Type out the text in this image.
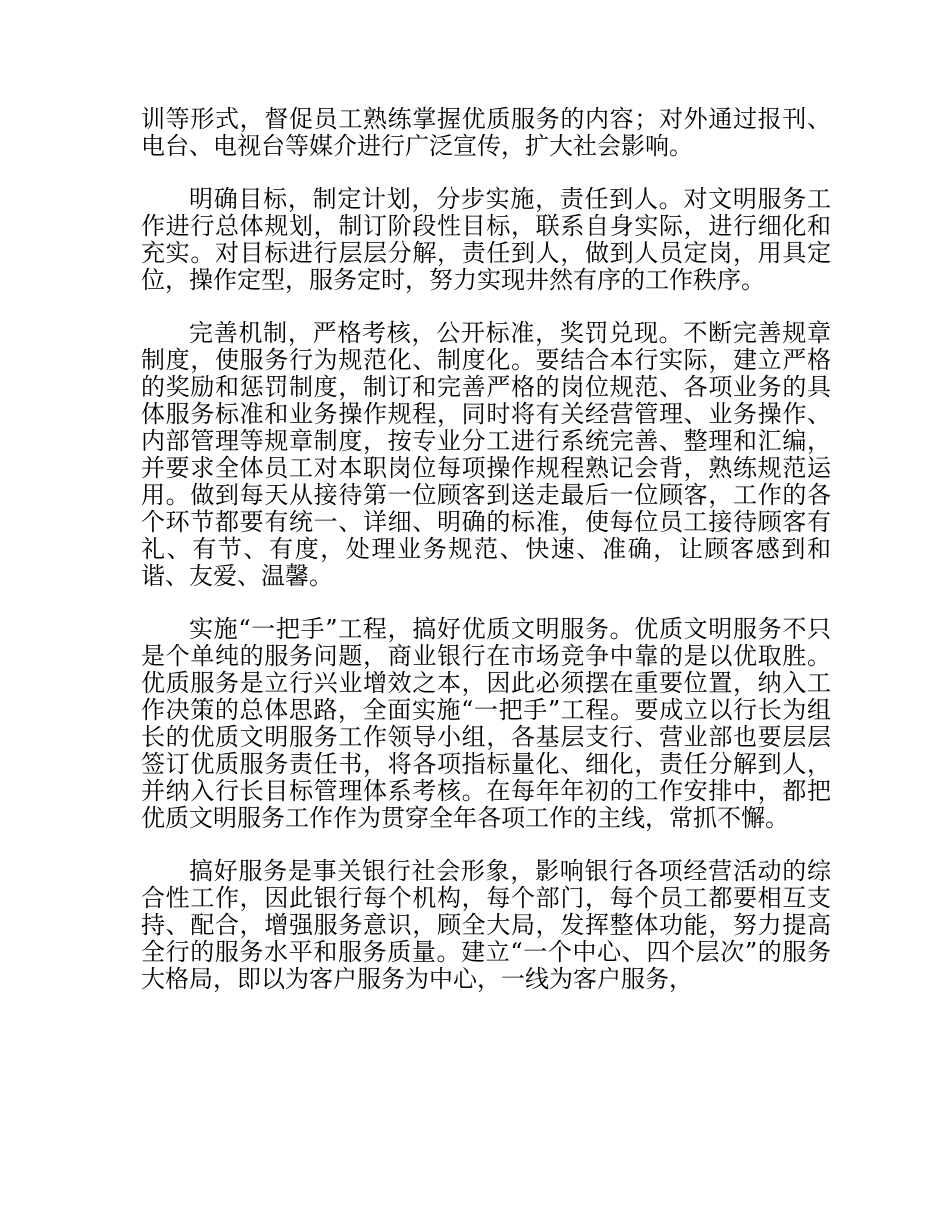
训等形式，督促员工熟练掌握优质服务的内容；对外通过报刊、电台、电视台等媒介进行广泛宣传，扩大社会影响。

明确目标，制定计划，分步实施，责任到人。对文明服务工作进行总体规划，制订阶段性目标，联系自身实际，进行细化和充实。对目标进行层层分解，责任到人，做到人员定岗，用具定位，操作定型，服务定时，努力实现井然有序的工作秩序。

完善机制，严格考核，公开标准，奖罚兑现。不断完善规章制度，使服务行为规范化、制度化。要结合本行实际，建立严格的奖励和惩罚制度，制订和完善严格的岗位规范、各项业务的具体服务标准和业务操作规程，同时将有关经营管理、业务操作、内部管理等规章制度，按专业分工进行系统完善、整理和汇编，并要求全体员工对本职岗位每项操作规程熟记会背，熟练规范运用。做到每天从接待第一位顾客到送走最后一位顾客，工作的各个环节都要有统一、详细、明确的标准，使每位员工接待顾客有礼、有节、有度，处理业务规范、快速、准确，让顾客感到和谐、友爱、温馨。

实施“一把手”工程，搞好优质文明服务。优质文明服务不只是个单纯的服务问题，商业银行在市场竞争中靠的是以优取胜。优质服务是立行兴业增效之本，因此必须摆在重要位置，纳入工作决策的总体思路，全面实施“一把手”工程。要成立以行长为组长的优质文明服务工作领导小组，各基层支行、营业部也要层层签订优质服务责任书，将各项指标量化、细化，责任分解到人，并纳入行长目标管理体系考核。在每年年初的工作安排中，都把优质文明服务工作作为贯穿全年各项工作的主线，常抓不懈。

搞好服务是事关银行社会形象，影响银行各项经营活动的综合性工作，因此银行每个机构，每个部门，每个员工都要相互支持、配合，增强服务意识，顾全大局，发挥整体功能，努力提高全行的服务水平和服务质量。建立“一个中心、四个层次”的服务大格局，即以为客户服务为中心，一线为客户服务，
